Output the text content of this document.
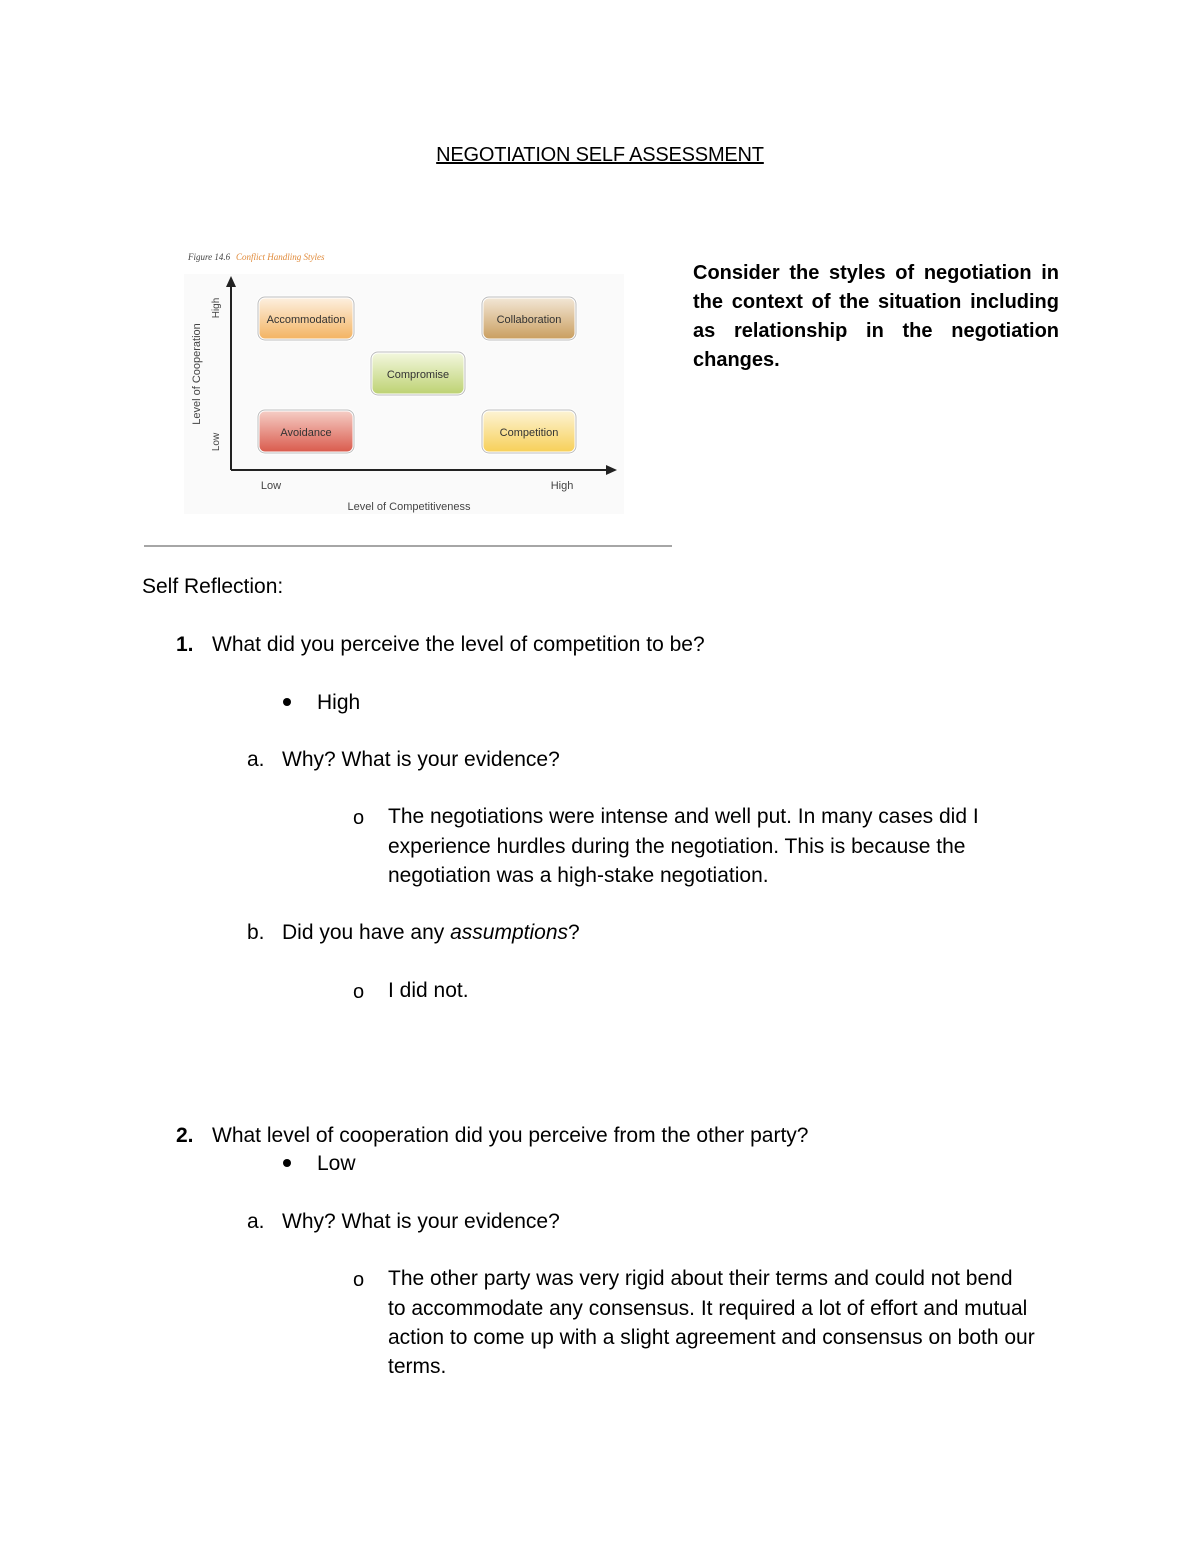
NEGOTIATION SELF ASSESSMENT
Figure 14.6 Conflict Handling Styles
Level of Cooperation
High
Low
Low	High
Level of Competitiveness
Accommodation	Collaboration
Compromise
Avoidance	Competition
Consider the styles of negotiation in the context of the situation including as relationship in the negotiation changes.
Self Reflection:
1. What did you perceive the level of competition to be?
High
a. Why? What is your evidence?
o The negotiations were intense and well put. In many cases did I
experience hurdles during the negotiation. This is because the
negotiation was a high-stake negotiation.
b. Did you have any assumptions?
o I did not.
2. What level of cooperation did you perceive from the other party?
Low
a. Why? What is your evidence?
o The other party was very rigid about their terms and could not bend
to accommodate any consensus. It required a lot of effort and mutual
action to come up with a slight agreement and consensus on both our
terms.
